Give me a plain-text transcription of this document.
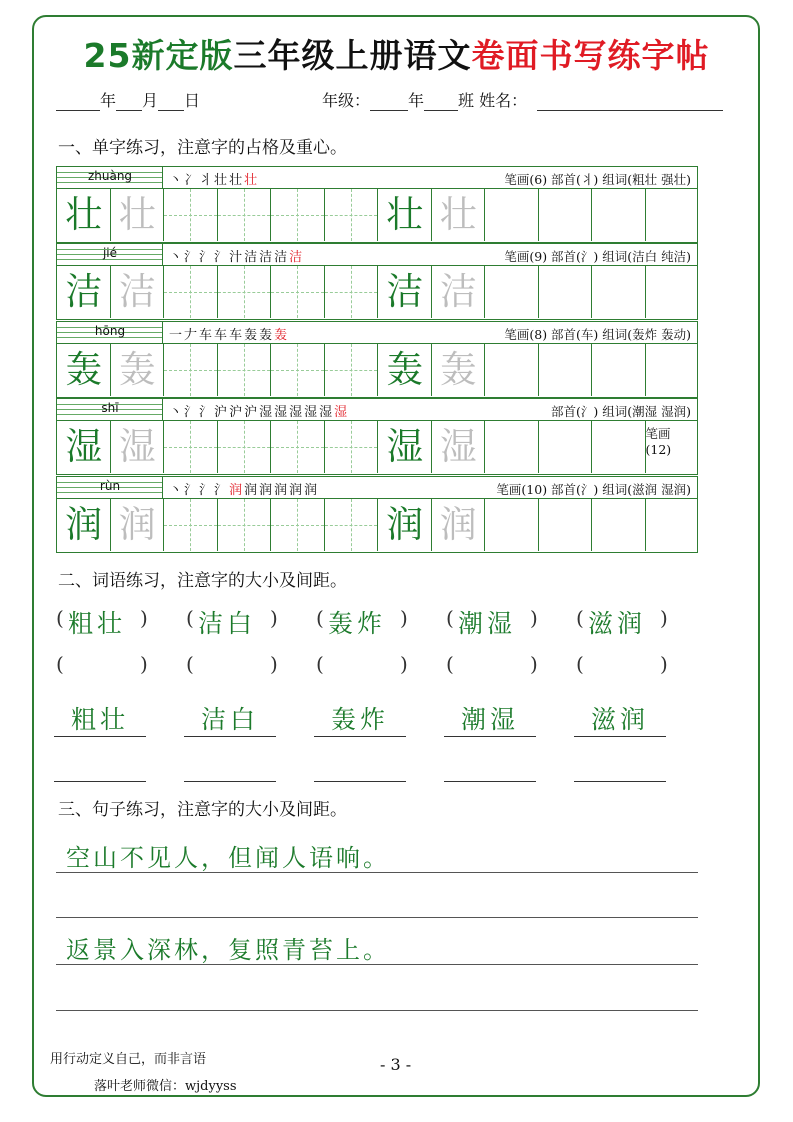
25新定版三年级上册语文卷面书写练字帖
年 月 日	年级： 年 班 姓名：
一、单字练习，注意字的占格及重心。
zhuàng	丶冫丬壮壮壮	笔画(6) 部首(丬) 组词(粗壮 强壮)
壮 壮	壮 壮
jié	丶氵氵氵汁洁洁洁洁	笔画(9) 部首(氵) 组词(洁白 纯洁)
洁 洁	洁 洁
hōng	一𠂇车车车轰轰轰	笔画(8) 部首(车) 组词(轰炸 轰动)
轰 轰	轰 轰
shī	丶氵氵沪沪沪湿湿湿湿湿湿	部首(氵) 组词(潮湿 湿润)
湿 湿	湿 湿	笔画(12)
rùn	丶氵氵氵润润润润润润	笔画(10) 部首(氵) 组词(滋润 湿润)
润 润	润 润
二、词语练习，注意字的大小及间距。
( 粗壮 )
(	)
粗壮
( 洁白 )
(	)
洁白
( 轰炸 )
(	)
轰炸
( 潮湿 )
(	)
潮湿
( 滋润 )
(	)
滋润
三、句子练习，注意字的大小及间距。
空山不见人，但闻人语响。
返景入深林，复照青苔上。
用行动定义自己，而非言语	- 3 -
落叶老师微信：wjdyyss
